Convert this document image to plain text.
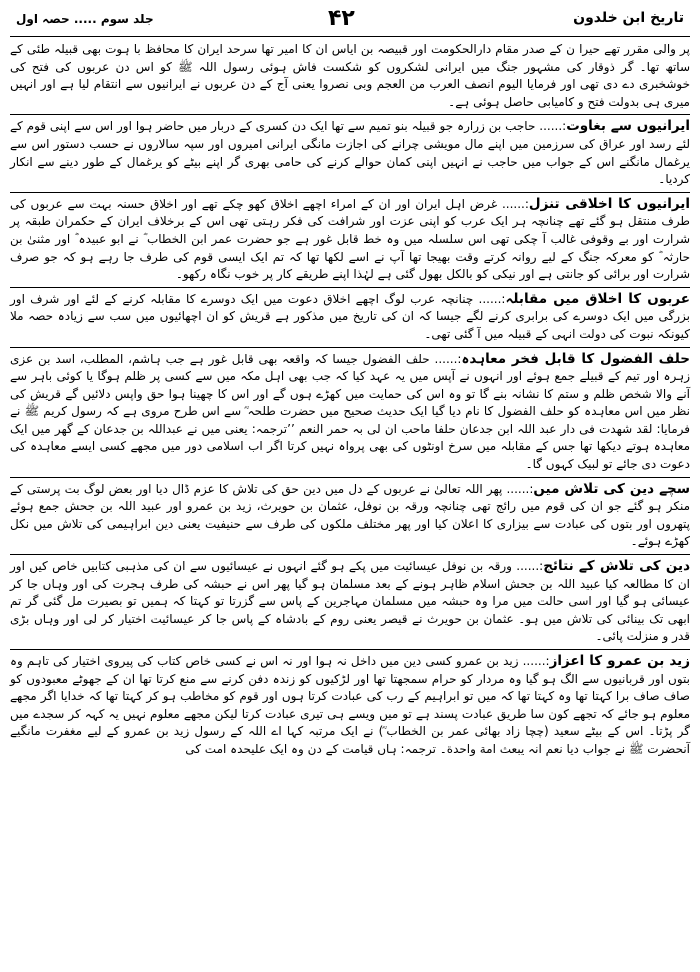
تاریخ ابن خلدون
۴۲
جلد سوم ..... حصہ اول

پر والی مقرر تھے حیرا ن کے صدر مقام دارالحکومت اور قبیصہ بن ایاس ان کا امیر تھا سرحد ایران کا محافظ با ہوت بھی قبیلہ طئی کے ساتھ تھا۔ گر ذوقار کی مشہور جنگ میں ایرانی لشکروں کو شکست فاش ہوئی رسول اللہ ﷺ کو اس دن عربوں کی فتح کی خوشخبری دے دی تھی اور فرمایا الیوم انصف العرب من العجم وبی نصروا یعنی آج کے دن عربوں نے ایرانیوں سے انتقام لیا ہے اور انہیں میری ہی بدولت فتح و کامیابی حاصل ہوئی ہے۔

ایرانیوں سے بغاوت:...... حاجب بن زرارہ جو قبیلہ بنو تمیم سے تھا ایک دن کسری کے دربار میں حاضر ہوا اور اس سے اپنی قوم کے لئے رسد اور عراق کی سرزمین میں اپنے مال مویشی چرانے کی اجازت مانگی ایرانی امیروں اور سپہ سالاروں نے حسب دستور اس سے یرغمال مانگنے اس کے جواب میں حاجب نے انہیں اپنی کمان حوالے کرنے کی حامی بھری گر اپنے بیٹے کو یرغمال کے طور دینے سے انکار کردیا۔

ایرانیوں کا اخلاقی تنزل:...... غرض اہل ایران اور ان کے امراء اچھے اخلاق کھو چکے تھے اور اخلاق حسنہ بہت سے عربوں کی طرف منتقل ہو گئے تھے چنانچہ ہر ایک عرب کو اپنی عزت اور شرافت کی فکر رہتی تھی اس کے برخلاف ایران کے حکمران طبقہ پر شرارت اور بے وقوفی غالب آ چکی تھی اس سلسلہ میں وہ خط قابل غور ہے جو حضرت عمر ابن الخطاب ؓ نے ابو عبیدہ ؓ اور مثنیٰ بن حارثہ ؓ کو معرکہ جنگ کے لیے روانہ کرتے وقت بھیجا تھا آپ نے اسے لکھا تھا کہ تم ایک ایسی قوم کی طرف جا رہے ہو کہ جو صرف شرارت اور برائی کو جانتی ہے اور نیکی کو بالکل بھول گئی ہے لہٰذا اپنے طریقے کار پر خوب نگاہ رکھو۔

عربوں کا اخلاق میں مقابلہ:...... چنانچہ عرب لوگ اچھے اخلاق دعوت میں ایک دوسرے کا مقابلہ کرنے کے لئے اور شرف اور بزرگی میں ایک دوسرے کی برابری کرنے لگے جیسا کہ ان کی تاریخ میں مذکور ہے قریش کو ان اچھائیوں میں سب سے زیادہ حصہ ملا کیونکہ نبوت کی دولت انہی کے قبیلہ میں آ گئی تھی۔

حلف الفضول کا قابل فخر معاہدہ:...... حلف الفضول جیسا کہ واقعہ بھی قابل غور ہے جب ہاشم، المطلب، اسد بن عزی زہرہ اور تیم کے قبیلے جمع ہوئے اور انہوں نے آپس میں یہ عہد کیا کہ جب بھی اہل مکہ میں سے کسی پر ظلم ہوگا یا کوئی باہر سے آنے والا شخص ظلم و ستم کا نشانہ بنے گا تو وہ اس کی حمایت میں کھڑے ہوں گے اور اس کا چھینا ہوا حق واپس دلائیں گے قریش کی نظر میں اس معاہدہ کو حلف الفضول کا نام دیا گیا ایک حدیث صحیح میں حضرت طلحہ ؓ سے اس طرح مروی ہے کہ رسول کریم ﷺ نے فرمایا: لقد شھدت فی دار عبد اللہ ابن جدعان حلفا ماحب ان لی بہ حمر النعم ’’ترجمہ: یعنی میں نے عبداللہ بن جدعان کے گھر میں ایک معاہدہ ہوتے دیکھا تھا جس کے مقابلہ میں سرخ اونٹوں کی بھی پرواہ نہیں کرتا اگر اب اسلامی دور میں مجھے کسی ایسے معاہدہ کی دعوت دی جائے تو لبیک کہوں گا۔

سچے دین کی تلاش میں:...... پھر اللہ تعالیٰ نے عربوں کے دل میں دین حق کی تلاش کا عزم ڈال دیا اور بعض لوگ بت پرستی کے منکر ہو گئے جو ان کی قوم میں رائج تھی چنانچہ ورقہ بن نوفل، عثمان بن حویرث، زید بن عمرو اور عبید اللہ بن جحش جمع ہوئے پتھروں اور بتوں کی عبادت سے بیزاری کا اعلان کیا اور پھر مختلف ملکوں کی طرف سے حنیفیت یعنی دین ابراہیمی کی تلاش میں نکل کھڑے ہوئے۔

دین کی تلاش کے نتائج:...... ورقہ بن نوفل عیسائیت میں پکے ہو گئے انہوں نے عیسائیوں سے ان کی مذہبی کتابیں خاص کیں اور ان کا مطالعہ کیا عبید اللہ بن جحش اسلام ظاہر ہونے کے بعد مسلمان ہو گیا پھر اس نے حبشہ کی طرف ہجرت کی اور وہاں جا کر عیسائی ہو گیا اور اسی حالت میں مرا وہ حبشہ میں مسلمان مہاجرین کے پاس سے گزرتا تو کہتا کہ ہمیں تو بصیرت مل گئی گر تم ابھی تک بینائی کی تلاش میں ہو۔ عثمان بن حویرث نے قیصر یعنی روم کے بادشاہ کے پاس جا کر عیسائیت اختیار کر لی اور وہاں بڑی قدر و منزلت پائی۔

زید بن عمرو کا اعزاز:...... زید بن عمرو کسی دین میں داخل نہ ہوا اور نہ اس نے کسی خاص کتاب کی پیروی اختیار کی تاہم وہ بتوں اور قربانیوں سے الگ ہو گیا وہ مردار کو حرام سمجھتا تھا اور لڑکیوں کو زندہ دفن کرنے سے منع کرتا تھا ان کے جھوٹے معبودوں کو صاف صاف برا کہتا تھا وہ کہتا تھا کہ میں تو ابراہیم کے رب کی عبادت کرتا ہوں اور قوم کو مخاطب ہو کر کہتا تھا کہ خدایا اگر مجھے معلوم ہو جائے کہ تجھے کون سا طریق عبادت پسند ہے تو میں ویسے ہی تیری عبادت کرتا لیکن مجھے معلوم نہیں یہ کہہ کر سجدے میں گر پڑتا۔ اس کے بیٹے سعید (چچا زاد بھائی عمر بن الخطاب ؓ) نے ایک مرتبہ کہا اے اللہ کے رسول زید بن عمرو کے لیے مغفرت مانگیے آنحضرت ﷺ نے جواب دیا نعم انہ یبعث امة واحدة۔ ترجمہ: ہاں قیامت کے دن وہ ایک علیحدہ امت کی
